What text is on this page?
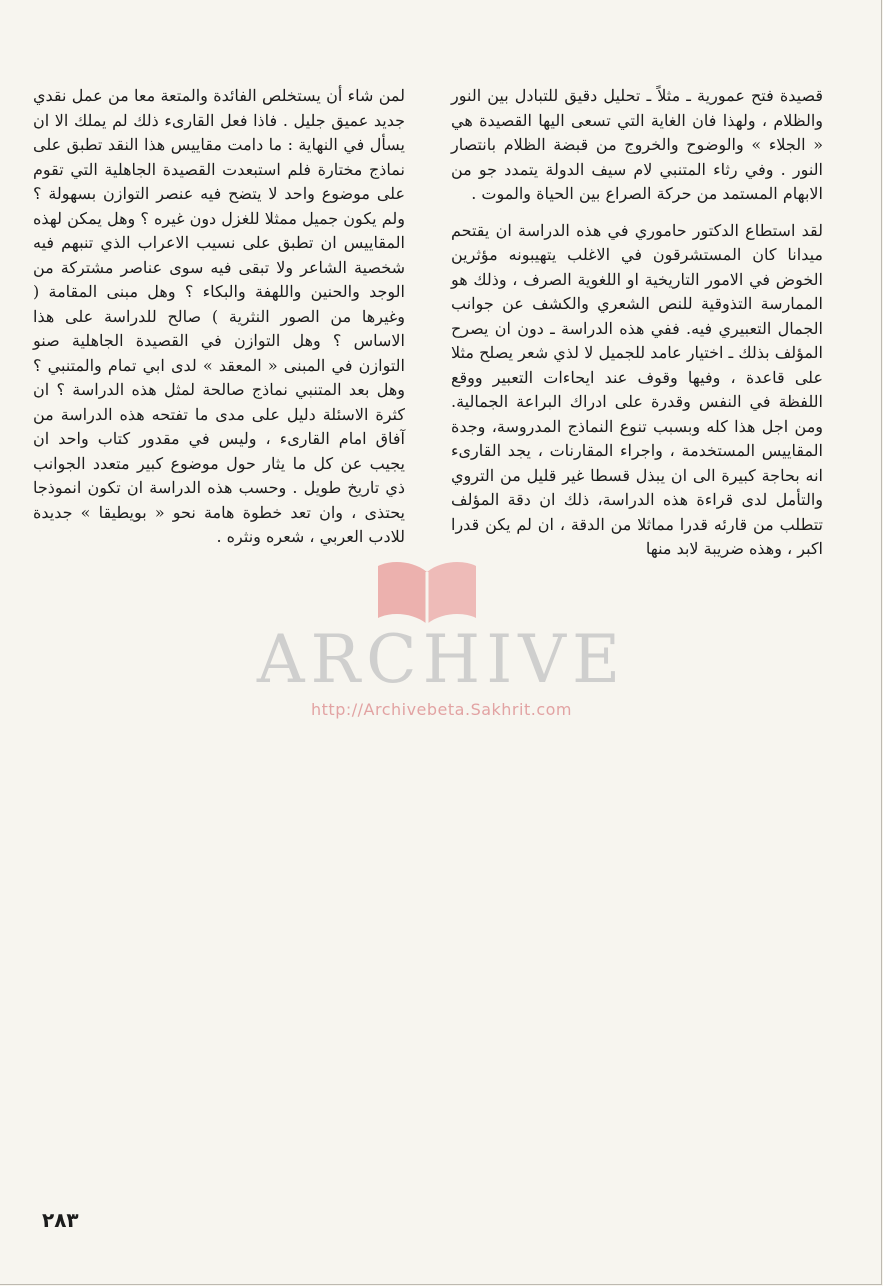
قصيدة فتح عمورية ـ مثلاً ـ تحليل دقيق للتبادل بين النور والظلام ، ولهذا فان الغاية التي تسعى اليها القصيدة هي « الجلاء » والوضوح والخروج من قبضة الظلام بانتصار النور . وفي رثاء المتنبي لام سيف الدولة يتمدد جو من الابهام المستمد من حركة الصراع بين الحياة والموت .

لقد استطاع الدكتور حاموري في هذه الدراسة ان يقتحم ميدانا كان المستشرقون في الاغلب يتهيبونه مؤثرين الخوض في الامور التاريخية او اللغوية الصرف ، وذلك هو الممارسة التذوقية للنص الشعري والكشف عن جوانب الجمال التعبيري فيه. ففي هذه الدراسة ـ دون ان يصرح المؤلف بذلك ـ اختيار عامد للجميل لا لذي شعر يصلح مثلا على قاعدة ، وفيها وقوف عند ايحاءات التعبير ووقع اللفظة في النفس وقدرة على ادراك البراعة الجمالية. ومن اجل هذا كله وبسبب تنوع النماذج المدروسة، وجدة المقاييس المستخدمة ، واجراء المقارنات ، يجد القارىء انه بحاجة كبيرة الى ان يبذل قسطا غير قليل من التروي والتأمل لدى قراءة هذه الدراسة، ذلك ان دقة المؤلف تتطلب من قارئه قدرا مماثلا من الدقة ، ان لم يكن قدرا اكبر ، وهذه ضريبة لابد منها

لمن شاء أن يستخلص الفائدة والمتعة معا من عمل نقدي جديد عميق جليل . فاذا فعل القارىء ذلك لم يملك الا ان يسأل في النهاية : ما دامت مقاييس هذا النقد تطبق على نماذج مختارة فلم استبعدت القصيدة الجاهلية التي تقوم على موضوع واحد لا يتضح فيه عنصر التوازن بسهولة ؟ ولم يكون جميل ممثلا للغزل دون غيره ؟ وهل يمكن لهذه المقاييس ان تطبق على نسيب الاعراب الذي تنبهم فيه شخصية الشاعر ولا تبقى فيه سوى عناصر مشتركة من الوجد والحنين واللهفة والبكاء ؟ وهل مبنى المقامة ( وغيرها من الصور النثرية ) صالح للدراسة على هذا الاساس ؟ وهل التوازن في القصيدة الجاهلية صنو التوازن في المبنى « المعقد » لدى ابي تمام والمتنبي ؟ وهل بعد المتنبي نماذج صالحة لمثل هذه الدراسة ؟ ان كثرة الاسئلة دليل على مدى ما تفتحه هذه الدراسة من آفاق امام القارىء ، وليس في مقدور كتاب واحد ان يجيب عن كل ما يثار حول موضوع كبير متعدد الجوانب ذي تاريخ طويل . وحسب هذه الدراسة ان تكون انموذجا يحتذى ، وان تعد خطوة هامة نحو « بويطيقا » جديدة للادب العربي ، شعره ونثره .

ARCHIVE
http://Archivebeta.Sakhrit.com
٢٨٣
